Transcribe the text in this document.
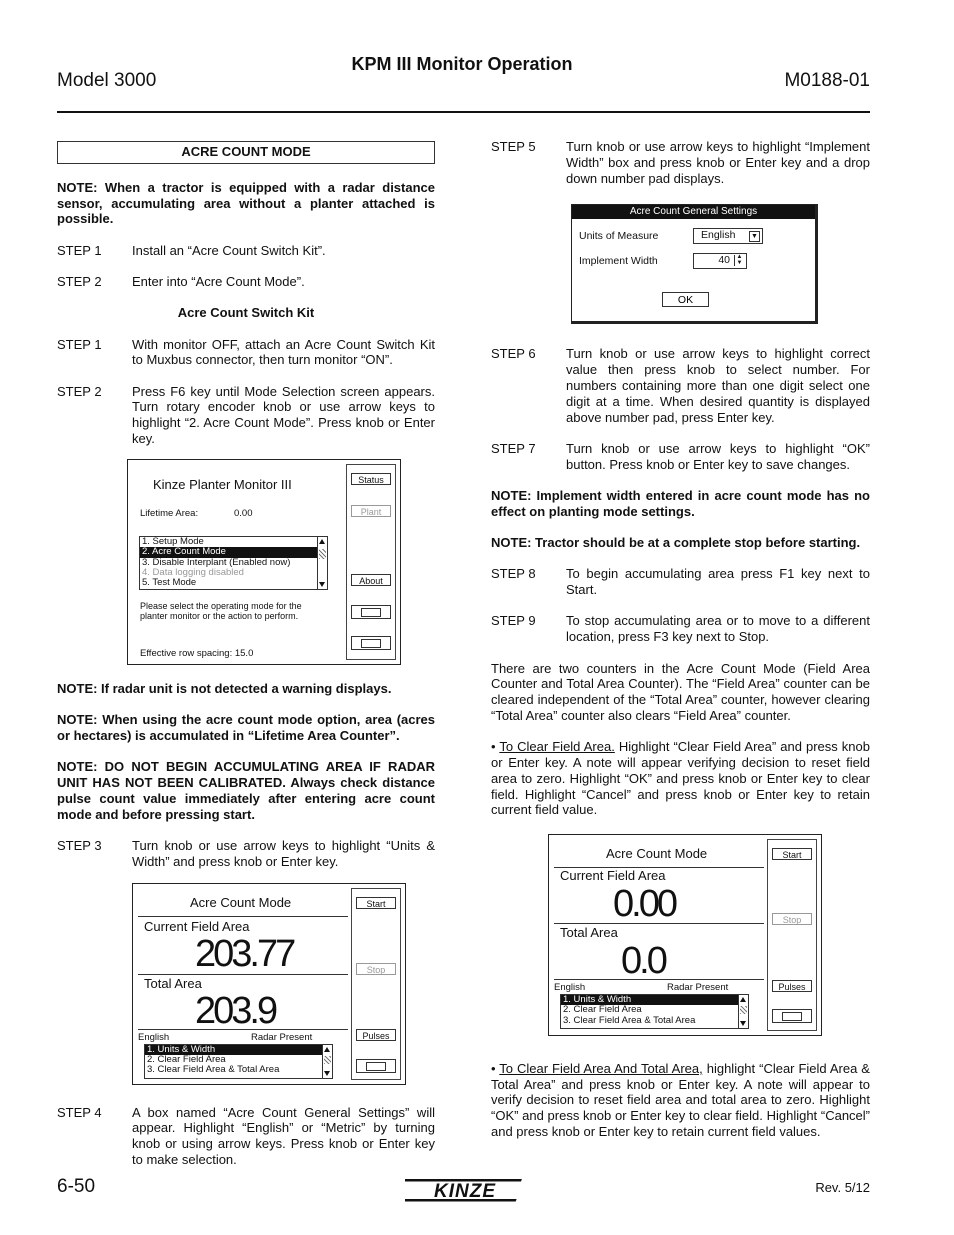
KPM III Monitor Operation
Model 3000	M0188-01
ACRE COUNT MODE

NOTE: When a tractor is equipped with a radar distance sensor, accumulating area without a planter attached is possible.

STEP 1	Install an “Acre Count Switch Kit”.
STEP 2	Enter into “Acre Count Mode”.
Acre Count Switch Kit
STEP 1	With monitor OFF, attach an Acre Count Switch Kit to Muxbus connector, then turn monitor “ON”.
STEP 2	Press F6 key until Mode Selection screen appears. Turn rotary encoder knob or use arrow keys to highlight “2. Acre Count Mode”. Press knob or Enter key.
Kinze Planter Monitor III
Lifetime Area:	0.00
1. Setup Mode
2. Acre Count Mode
3. Disable Interplant (Enabled now)
4. Data logging disabled
5. Test Mode
Please select the operating mode for the planter monitor or the action to perform.
Effective row spacing: 15.0
Status
Plant
About

NOTE: If radar unit is not detected a warning displays.

NOTE: When using the acre count mode option, area (acres or hectares) is accumulated in “Lifetime Area Counter”.

NOTE: DO NOT BEGIN ACCUMULATING AREA IF RADAR UNIT HAS NOT BEEN CALIBRATED. Always check distance pulse count value immediately after entering acre count mode and before pressing start.

STEP 3	Turn knob or use arrow keys to highlight “Units & Width” and press knob or Enter key.
Acre Count Mode
Current Field Area
203.77
Total Area
203.9
English	Radar Present
1. Units & Width
2. Clear Field Area
3. Clear Field Area & Total Area
Start
Stop
Pulses
STEP 4	A box named “Acre Count General Settings” will appear. Highlight “English” or “Metric” by turning knob or using arrow keys. Press knob or Enter key to make selection.
STEP 5	Turn knob or use arrow keys to highlight “Implement Width” box and press knob or Enter key and a drop down number pad displays.
Acre Count General Settings
Units of Measure	English ▼
Implement Width	40	▲
▼
OK
STEP 6	Turn knob or use arrow keys to highlight correct value then press knob to select number. For numbers containing more than one digit select one digit at a time. When desired quantity is displayed above number pad, press Enter key.
STEP 7	Turn knob or use arrow keys to highlight “OK” button. Press knob or Enter key to save changes.

NOTE: Implement width entered in acre count mode has no effect on planting mode settings.

NOTE: Tractor should be at a complete stop before starting.

STEP 8	To begin accumulating area press F1 key next to Start.
STEP 9	To stop accumulating area or to move to a different location, press F3 key next to Stop.

There are two counters in the Acre Count Mode (Field Area Counter and Total Area Counter). The “Field Area” counter can be cleared independent of the “Total Area” counter, however clearing “Total Area” counter also clears “Field Area” counter.

• To Clear Field Area. Highlight “Clear Field Area” and press knob or Enter key. A note will appear verifying decision to reset field area to zero. Highlight “OK” and press knob or Enter key to clear field. Highlight “Cancel” and press knob or Enter key to retain current field value.

Acre Count Mode
Current Field Area
0.00
Total Area
0.0
English	Radar Present
1. Units & Width
2. Clear Field Area
3. Clear Field Area & Total Area
Start
Stop
Pulses

• To Clear Field Area And Total Area, highlight “Clear Field Area & Total Area” and press knob or Enter key. A note will appear to verify decision to reset field area and total area to zero. Highlight “OK” and press knob or Enter key to clear field. Highlight “Cancel” and press knob or Enter key to retain current field values.

6-50	KINZE	Rev. 5/12
